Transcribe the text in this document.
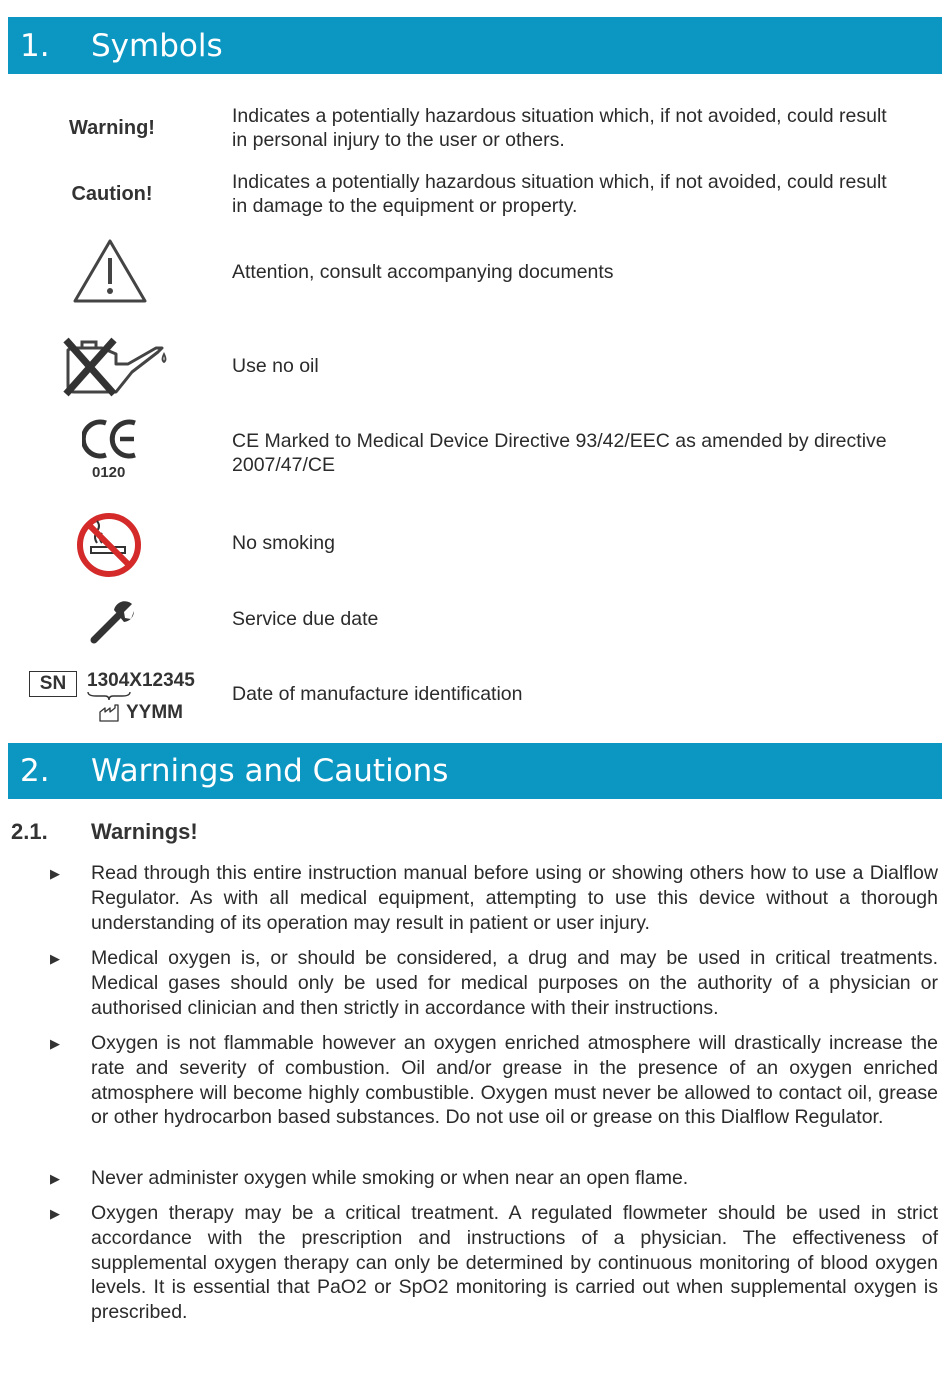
1. Symbols
Warning!
Indicates a potentially hazardous situation which, if not avoided, could result in personal injury to the user or others.
Caution!
Indicates a potentially hazardous situation which, if not avoided, could result in damage to the equipment or property.
Attention, consult accompanying documents
Use no oil
0120
CE Marked to Medical Device Directive 93/42/EEC as amended by directive 2007/47/CE
No smoking
Service due date
SN	1304X12345
YYMM
Date of manufacture identification
2. Warnings and Cautions
2.1. Warnings!
▶ Read through this entire instruction manual before using or showing others how to use a Dialflow Regulator. As with all medical equipment, attempting to use this device without a thorough understanding of its operation may result in patient or user injury.
▶ Medical oxygen is, or should be considered, a drug and may be used in critical treatments. Medical gases should only be used for medical purposes on the authority of a physician or authorised clinician and then strictly in accordance with their instructions.
▶ Oxygen is not flammable however an oxygen enriched atmosphere will drastically increase the rate and severity of combustion. Oil and/or grease in the presence of an oxygen enriched atmosphere will become highly combustible. Oxygen must never be allowed to contact oil, grease or other hydrocarbon based substances. Do not use oil or grease on this Dialflow Regulator.
▶ Never administer oxygen while smoking or when near an open flame.
▶ Oxygen therapy may be a critical treatment. A regulated flowmeter should be used in strict accordance with the prescription and instructions of a physician. The effectiveness of supplemental oxygen therapy can only be determined by continuous monitoring of blood oxygen levels. It is essential that PaO2 or SpO2 monitoring is carried out when supplemental oxygen is prescribed.
